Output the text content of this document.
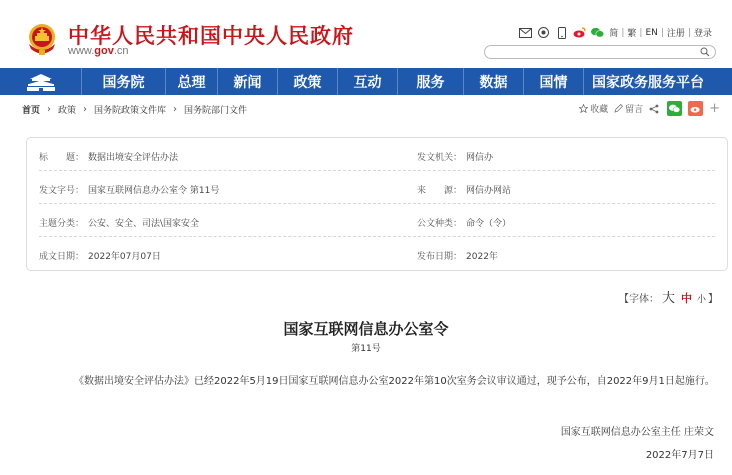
中华人民共和国中央人民政府
www.gov.cn
简 | 繁 | EN | 注册 | 登录
国务院	总理	新闻	政策	互动	服务	数据	国情	国家政务服务平台
首页 › 政策 › 国务院政策文件库 › 国务院部门文件	收藏 留言	+
标　　题： 数据出境安全评估办法	发文机关： 网信办
发文字号： 国家互联网信息办公室令 第11号	来　　源： 网信办网站
主题分类： 公安、安全、司法\国家安全	公文种类： 命令（令）
成文日期： 2022年07月07日	发布日期： 2022年
【字体： 大 中 小 】
国家互联网信息办公室令
第11号
《数据出境安全评估办法》已经2022年5月19日国家互联网信息办公室2022年第10次室务会议审议通过，现予公布，自2022年9月1日起施行。
国家互联网信息办公室主任 庄荣文
2022年7月7日
